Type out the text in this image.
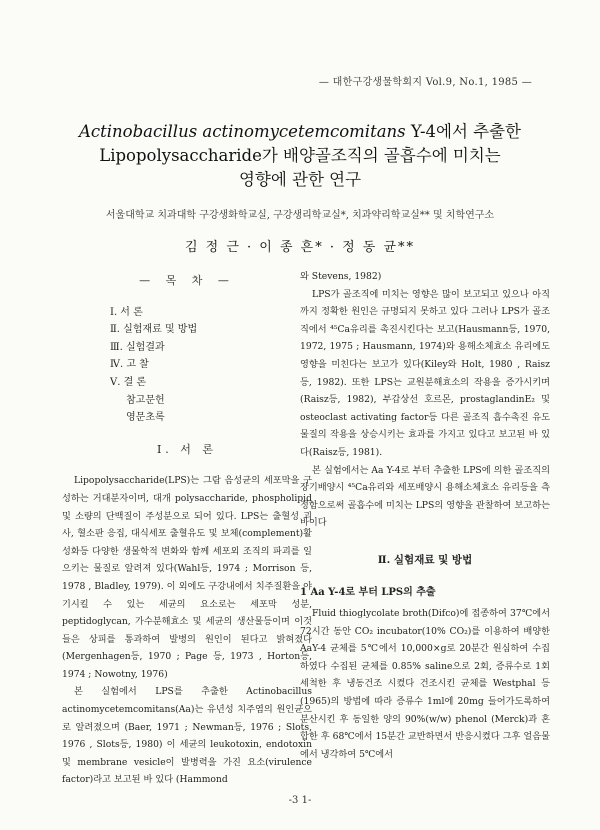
— 대한구강생물학회지 Vol.9, No.1, 1985 —
Actinobacillus actinomycetemcomitans Y-4에서 추출한
Lipopolysaccharide가 배양골조직의 골흡수에 미치는
영향에 관한 연구
서울대학교 치과대학 구강생화학교실, 구강생리학교실*, 치과약리학교실** 및 치학연구소
김 정 근 · 이 종 흔* · 정 동 균**
— 목 차 —
Ⅰ. 서 론
Ⅱ. 실험재료 및 방법
Ⅲ. 실험결과
Ⅳ. 고 찰
Ⅴ. 결 론
참고문헌
영문초록
Ⅰ. 서 론

Lipopolysaccharide(LPS)는 그람 음성균의 세포막을 구성하는 거대분자이며, 대개 polysaccharide, phospholipid 및 소량의 단백질이 주성분으로 되어 있다. LPS는 출혈성 괴사, 혈소판 응집, 대식세포 출혈유도 및 보체(complement)활성화등 다양한 생물학적 변화와 함께 세포외 조직의 파괴를 일으키는 물질로 알려져 있다(Wahl등, 1974 ; Morrison 등, 1978 , Bladley, 1979). 이 외에도 구강내에서 치주질환을 야기시킬 수 있는 세균의 요소로는 세포막 성분, peptidoglycan, 가수분해효소 및 세균의 생산물등이며 이것들은 상피를 통과하여 발병의 원인이 된다고 밝혀졌다(Mergenhagen등, 1970 ; Page 등, 1973 , Horton등, 1974 ; Nowotny, 1976)

본 실험에서 LPS를 추출한 Actinobacillus actinomycetemcomitans(Aa)는 유년성 치주염의 원인균으로 알려졌으며 (Baer, 1971 ; Newman등, 1976 ; Slots, 1976 , Slots등, 1980) 이 세균의 leukotoxin, endotoxin 및 membrane vesicle이 발병력을 가진 요소(virulence factor)라고 보고된 바 있다 (Hammond

와 Stevens, 1982)

LPS가 골조직에 미치는 영향은 많이 보고되고 있으나 아직까지 정확한 원인은 규명되지 못하고 있다 그러나 LPS가 골조직에서 ⁴⁵Ca유리를 촉진시킨다는 보고(Hausmann등, 1970, 1972, 1975 ; Hausmann, 1974)와 용해소체효소 유리에도 영향을 미친다는 보고가 있다(Kiley와 Holt, 1980 , Raisz 등, 1982). 또한 LPS는 교원분해효소의 작용을 증가시키며(Raisz등, 1982), 부갑상선 호르몬, prostaglandinE₂ 및 osteoclast activating factor등 다른 골조직 흡수촉진 유도물질의 작용을 상승시키는 효과를 가지고 있다고 보고된 바 있다(Raisz등, 1981).

본 실험에서는 Aa Y-4로 부터 추출한 LPS에 의한 골조직의 장기배양시 ⁴⁵Ca유리와 세포배양시 용해소체효소 유리등을 측정함으로써 골흡수에 미치는 LPS의 영향을 관찰하여 보고하는 바이다

Ⅱ. 실험재료 및 방법
1 Aa Y-4로 부터 LPS의 추출

Fluid thioglycolate broth(Difco)에 접종하여 37℃에서 72시간 동안 CO₂ incubator(10% CO₂)를 이용하여 배양한 AaY-4 균체를 5℃에서 10,000×g로 20분간 원심하여 수집하였다 수집된 균체를 0.85% saline으로 2회, 증류수로 1회 세척한 후 냉동건조 시켰다 건조시킨 균체를 Westphal 등 (1965)의 방법에 따라 증류수 1ml에 20mg 들어가도록하여 분산시킨 후 동일한 양의 90%(w/w) phenol (Merck)과 혼합한 후 68℃에서 15분간 교반하면서 반응시켰다 그후 얼음물에서 냉각하여 5℃에서

-3 1-
